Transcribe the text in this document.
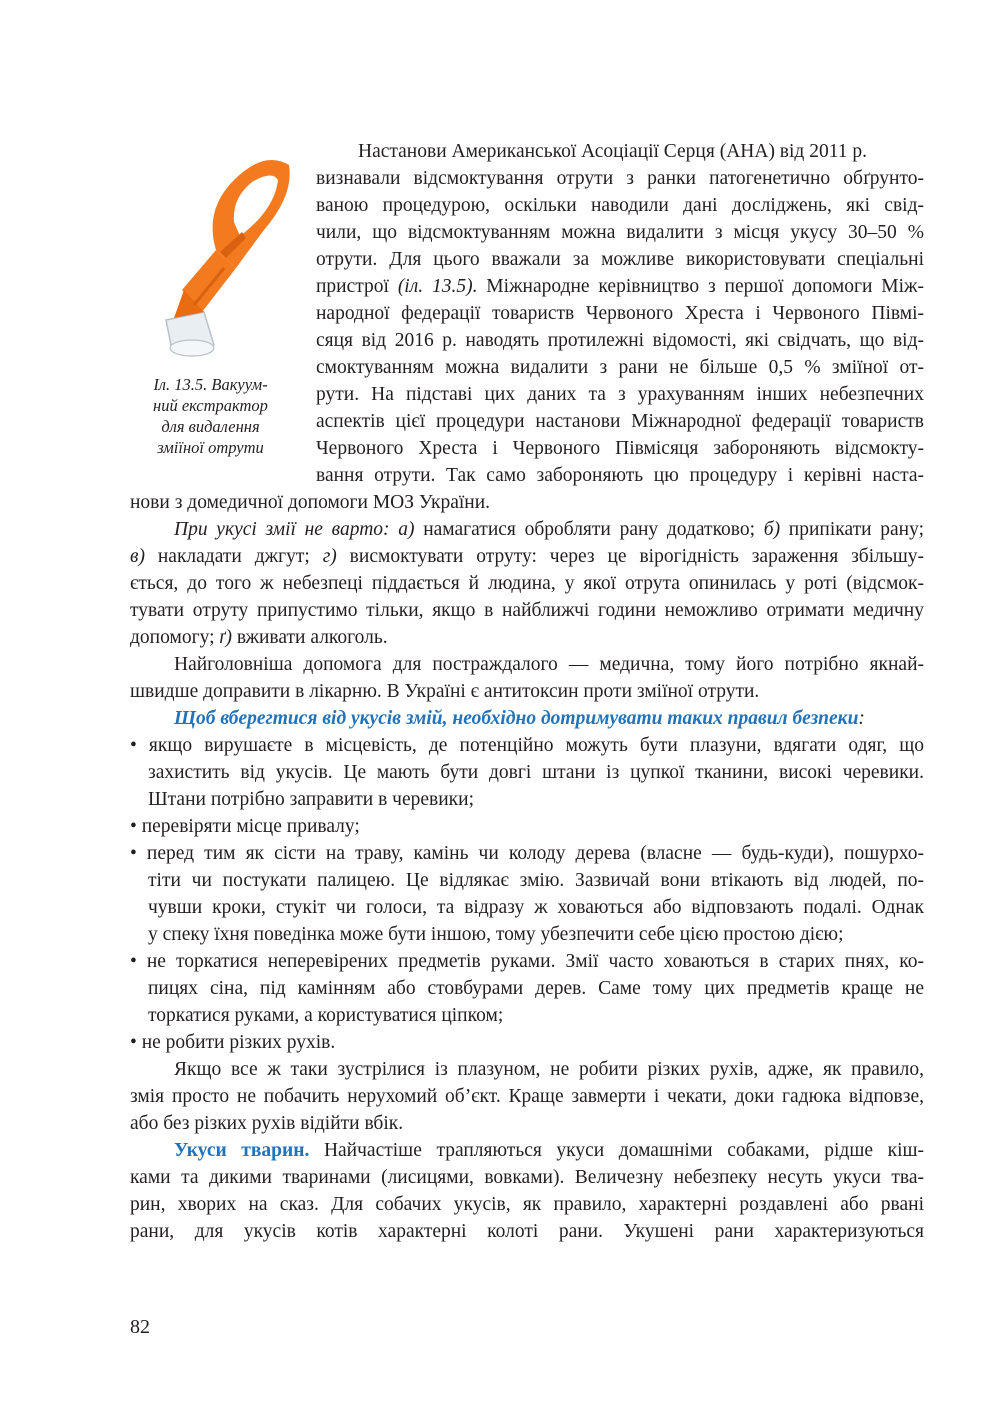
Іл. 13.5. Вакуум-
ний екстрактор
для видалення
зміїної отрути
Настанови Американської Асоціації Серця (AHA) від 2011 р.
визнавали відсмоктування отрути з ранки патогенетично обґрунто-
ваною процедурою, оскільки наводили дані досліджень, які свід-
чили, що відсмоктуванням можна видалити з місця укусу 30–50 %
отрути. Для цього вважали за можливе використовувати спеціальні
пристрої (іл. 13.5). Міжнародне керівництво з першої допомоги Між-
народної федерації товариств Червоного Хреста і Червоного Півмі-
сяця від 2016 р. наводять протилежні відомості, які свідчать, що від-
смоктуванням можна видалити з рани не більше 0,5 % зміїної от-
рути. На підставі цих даних та з урахуванням інших небезпечних
аспектів цієї процедури настанови Міжнародної федерації товариств
Червоного Хреста і Червоного Півмісяця забороняють відсмокту-
вання отрути. Так само забороняють цю процедуру і керівні наста-
нови з домедичної допомоги МОЗ України.
При укусі змії не варто: а) намагатися обробляти рану додатково; б) припікати рану;
в) накладати джгут; г) висмоктувати отруту: через це вірогідність зараження збільшу-
ється, до того ж небезпеці піддається й людина, у якої отрута опинилась у роті (відсмок-
тувати отруту припустимо тільки, якщо в найближчі години неможливо отримати медичну
допомогу; ґ) вживати алкоголь.
Найголовніша допомога для постраждалого — медична, тому його потрібно якнай-
швидше доправити в лікарню. В Україні є антитоксин проти зміїної отрути.
Щоб вберегтися від укусів змій, необхідно дотримувати таких правил безпеки:
• якщо вирушаєте в місцевість, де потенційно можуть бути плазуни, вдягати одяг, що
захистить від укусів. Це мають бути довгі штани із цупкої тканини, високі черевики.
Штани потрібно заправити в черевики;
• перевіряти місце привалу;
• перед тим як сісти на траву, камінь чи колоду дерева (власне — будь-куди), пошурхо-
тіти чи постукати палицею. Це відлякає змію. Зазвичай вони втікають від людей, по-
чувши кроки, стукіт чи голоси, та відразу ж ховаються або відповзають подалі. Однак
у спеку їхня поведінка може бути іншою, тому убезпечити себе цією простою дією;
• не торкатися неперевірених предметів руками. Змії часто ховаються в старих пнях, ко-
пицях сіна, під камінням або стовбурами дерев. Саме тому цих предметів краще не
торкатися руками, а користуватися ціпком;
• не робити різких рухів.
Якщо все ж таки зустрілися із плазуном, не робити різких рухів, адже, як правило,
змія просто не побачить нерухомий об’єкт. Краще завмерти і чекати, доки гадюка відповзе,
або без різких рухів відійти вбік.
Укуси тварин. Найчастіше трапляються укуси домашніми собаками, рідше кіш-
ками та дикими тваринами (лисицями, вовками). Величезну небезпеку несуть укуси тва-
рин, хворих на сказ. Для собачих укусів, як правило, характерні роздавлені або рвані
рани, для укусів котів характерні колоті рани. Укушені рани характеризуються
82
